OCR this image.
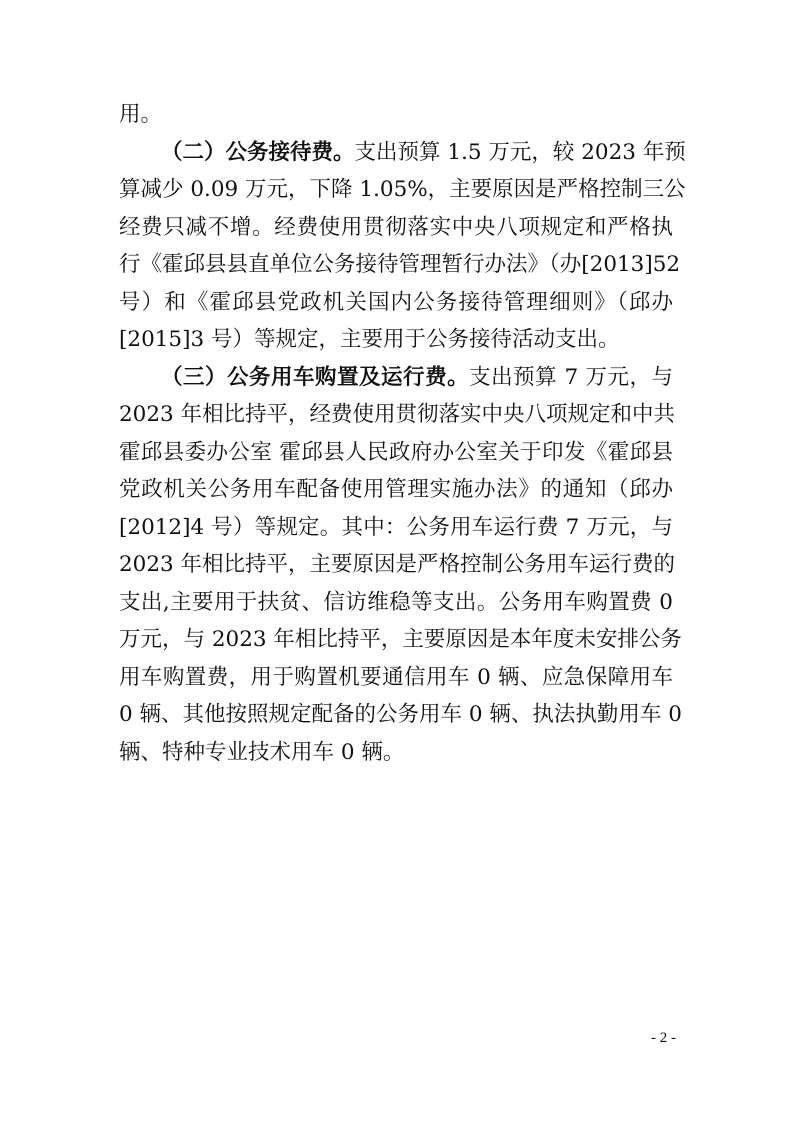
用。
（二）公务接待费。支出预算 1.5 万元，较 2023 年预
算减少 0.09 万元，下降 1.05%，主要原因是严格控制三公
经费只减不增。经费使用贯彻落实中央八项规定和严格执
行《霍邱县县直单位公务接待管理暂行办法》（办[2013]52
号）和《霍邱县党政机关国内公务接待管理细则》（邱办
[2015]3 号）等规定，主要用于公务接待活动支出。
（三）公务用车购置及运行费。支出预算 7 万元，与
2023 年相比持平，经费使用贯彻落实中央八项规定和中共
霍邱县委办公室 霍邱县人民政府办公室关于印发《霍邱县
党政机关公务用车配备使用管理实施办法》的通知（邱办
[2012]4 号）等规定。其中：公务用车运行费 7 万元，与
2023 年相比持平，主要原因是严格控制公务用车运行费的
支出,主要用于扶贫、信访维稳等支出。公务用车购置费 0
万元，与 2023 年相比持平，主要原因是本年度未安排公务
用车购置费，用于购置机要通信用车 0 辆、应急保障用车
0 辆、其他按照规定配备的公务用车 0 辆、执法执勤用车 0
辆、特种专业技术用车 0 辆。
- 2 -
